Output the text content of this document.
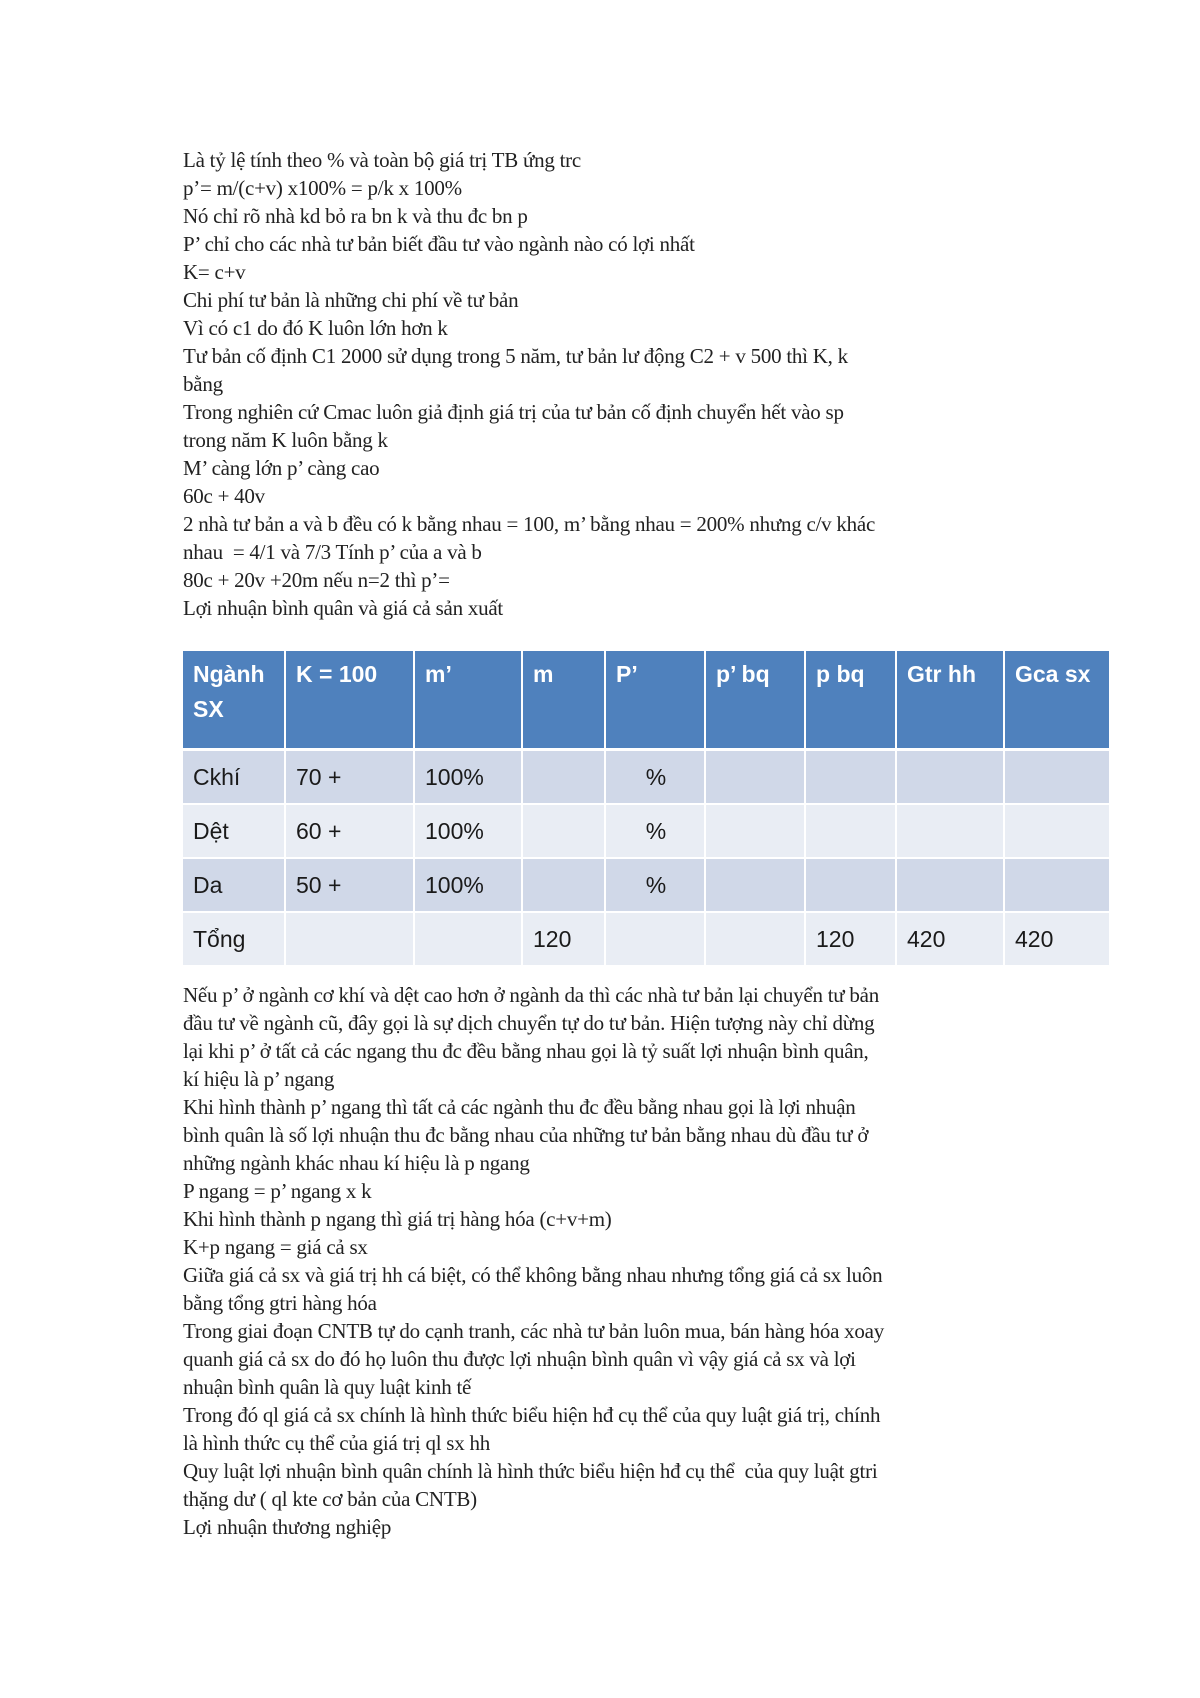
Là tỷ lệ tính theo % và toàn bộ giá trị TB ứng trc
p’= m/(c+v) x100% = p/k x 100%
Nó chỉ rõ nhà kd bỏ ra bn k và thu đc bn p
P’ chỉ cho các nhà tư bản biết đầu tư vào ngành nào có lợi nhất
K= c+v
Chi phí tư bản là những chi phí về tư bản
Vì có c1 do đó K luôn lớn hơn k
Tư bản cố định C1 2000 sử dụng trong 5 năm, tư bản lư động C2 + v 500 thì K, k
bằng
Trong nghiên cứ Cmac luôn giả định giá trị của tư bản cố định chuyển hết vào sp
trong năm K luôn bằng k
M’ càng lớn p’ càng cao
60c + 40v
2 nhà tư bản a và b đều có k bằng nhau = 100, m’ bằng nhau = 200% nhưng c/v khác
nhau  = 4/1 và 7/3 Tính p’ của a và b
80c + 20v +20m nếu n=2 thì p’=
Lợi nhuận bình quân và giá cả sản xuất
Ngành SX	K = 100	m’	m	P’	p’ bq	p bq	Gtr hh	Gca sx
Ckhí	70 +	100%		%				
Dệt	60 +	100%		%				
Da	50 +	100%		%				
Tổng			120			120	420	420
Nếu p’ ở ngành cơ khí và dệt cao hơn ở ngành da thì các nhà tư bản lại chuyển tư bản
đầu tư về ngành cũ, đây gọi là sự dịch chuyển tự do tư bản. Hiện tượng này chỉ dừng
lại khi p’ ở tất cả các ngang thu đc đều bằng nhau gọi là tỷ suất lợi nhuận bình quân,
kí hiệu là p’ ngang
Khi hình thành p’ ngang thì tất cả các ngành thu đc đều bằng nhau gọi là lợi nhuận
bình quân là số lợi nhuận thu đc bằng nhau của những tư bản bằng nhau dù đầu tư ở
những ngành khác nhau kí hiệu là p ngang
P ngang = p’ ngang x k
Khi hình thành p ngang thì giá trị hàng hóa (c+v+m)
K+p ngang = giá cả sx
Giữa giá cả sx và giá trị hh cá biệt, có thể không bằng nhau nhưng tổng giá cả sx luôn
bằng tổng gtri hàng hóa
Trong giai đoạn CNTB tự do cạnh tranh, các nhà tư bản luôn mua, bán hàng hóa xoay
quanh giá cả sx do đó họ luôn thu được lợi nhuận bình quân vì vậy giá cả sx và lợi
nhuận bình quân là quy luật kinh tế
Trong đó ql giá cả sx chính là hình thức biểu hiện hđ cụ thể của quy luật giá trị, chính
là hình thức cụ thể của giá trị ql sx hh
Quy luật lợi nhuận bình quân chính là hình thức biểu hiện hđ cụ thể  của quy luật gtri
thặng dư ( ql kte cơ bản của CNTB)
Lợi nhuận thương nghiệp
